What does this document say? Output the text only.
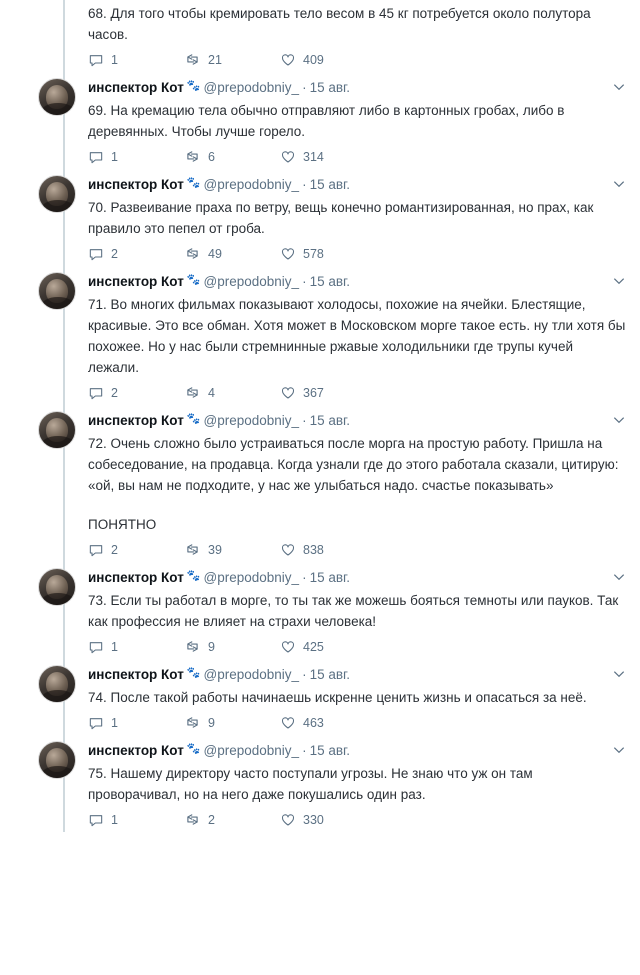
68. Для того чтобы кремировать тело весом в 45 кг потребуется около полутора часов.
1	21	409
инспектор Кот 🐾 @prepodobniy_ · 15 авг.
69. На кремацию тела обычно отправляют либо в картонных гробах, либо в деревянных. Чтобы лучше горело.
1	6	314
инспектор Кот 🐾 @prepodobniy_ · 15 авг.
70. Развеивание праха по ветру, вещь конечно романтизированная, но прах, как правило это пепел от гроба.
2	49	578
инспектор Кот 🐾 @prepodobniy_ · 15 авг.
71. Во многих фильмах показывают холодосы, похожие на ячейки. Блестящие, красивые. Это все обман. Хотя может в Московском морге такое есть. ну тли хотя бы похожее. Но у нас были стремнинные ржавые холодильники где трупы кучей лежали.
2	4	367
инспектор Кот 🐾 @prepodobniy_ · 15 авг.
72. Очень сложно было устраиваться после морга на простую работу. Пришла на собеседование, на продавца. Когда узнали где до этого работала сказали, цитирую: «ой, вы нам не подходите, у нас же улыбаться надо. счастье показывать»
ПОНЯТНО
2	39	838
инспектор Кот 🐾 @prepodobniy_ · 15 авг.
73. Если ты работал в морге, то ты так же можешь бояться темноты или пауков. Так как профессия не влияет на страхи человека!
1	9	425
инспектор Кот 🐾 @prepodobniy_ · 15 авг.
74. После такой работы начинаешь искренне ценить жизнь и опасаться за неё.
1	9	463
инспектор Кот 🐾 @prepodobniy_ · 15 авг.
75. Нашему директору часто поступали угрозы. Не знаю что уж он там проворачивал, но на него даже покушались один раз.
1	2	330
